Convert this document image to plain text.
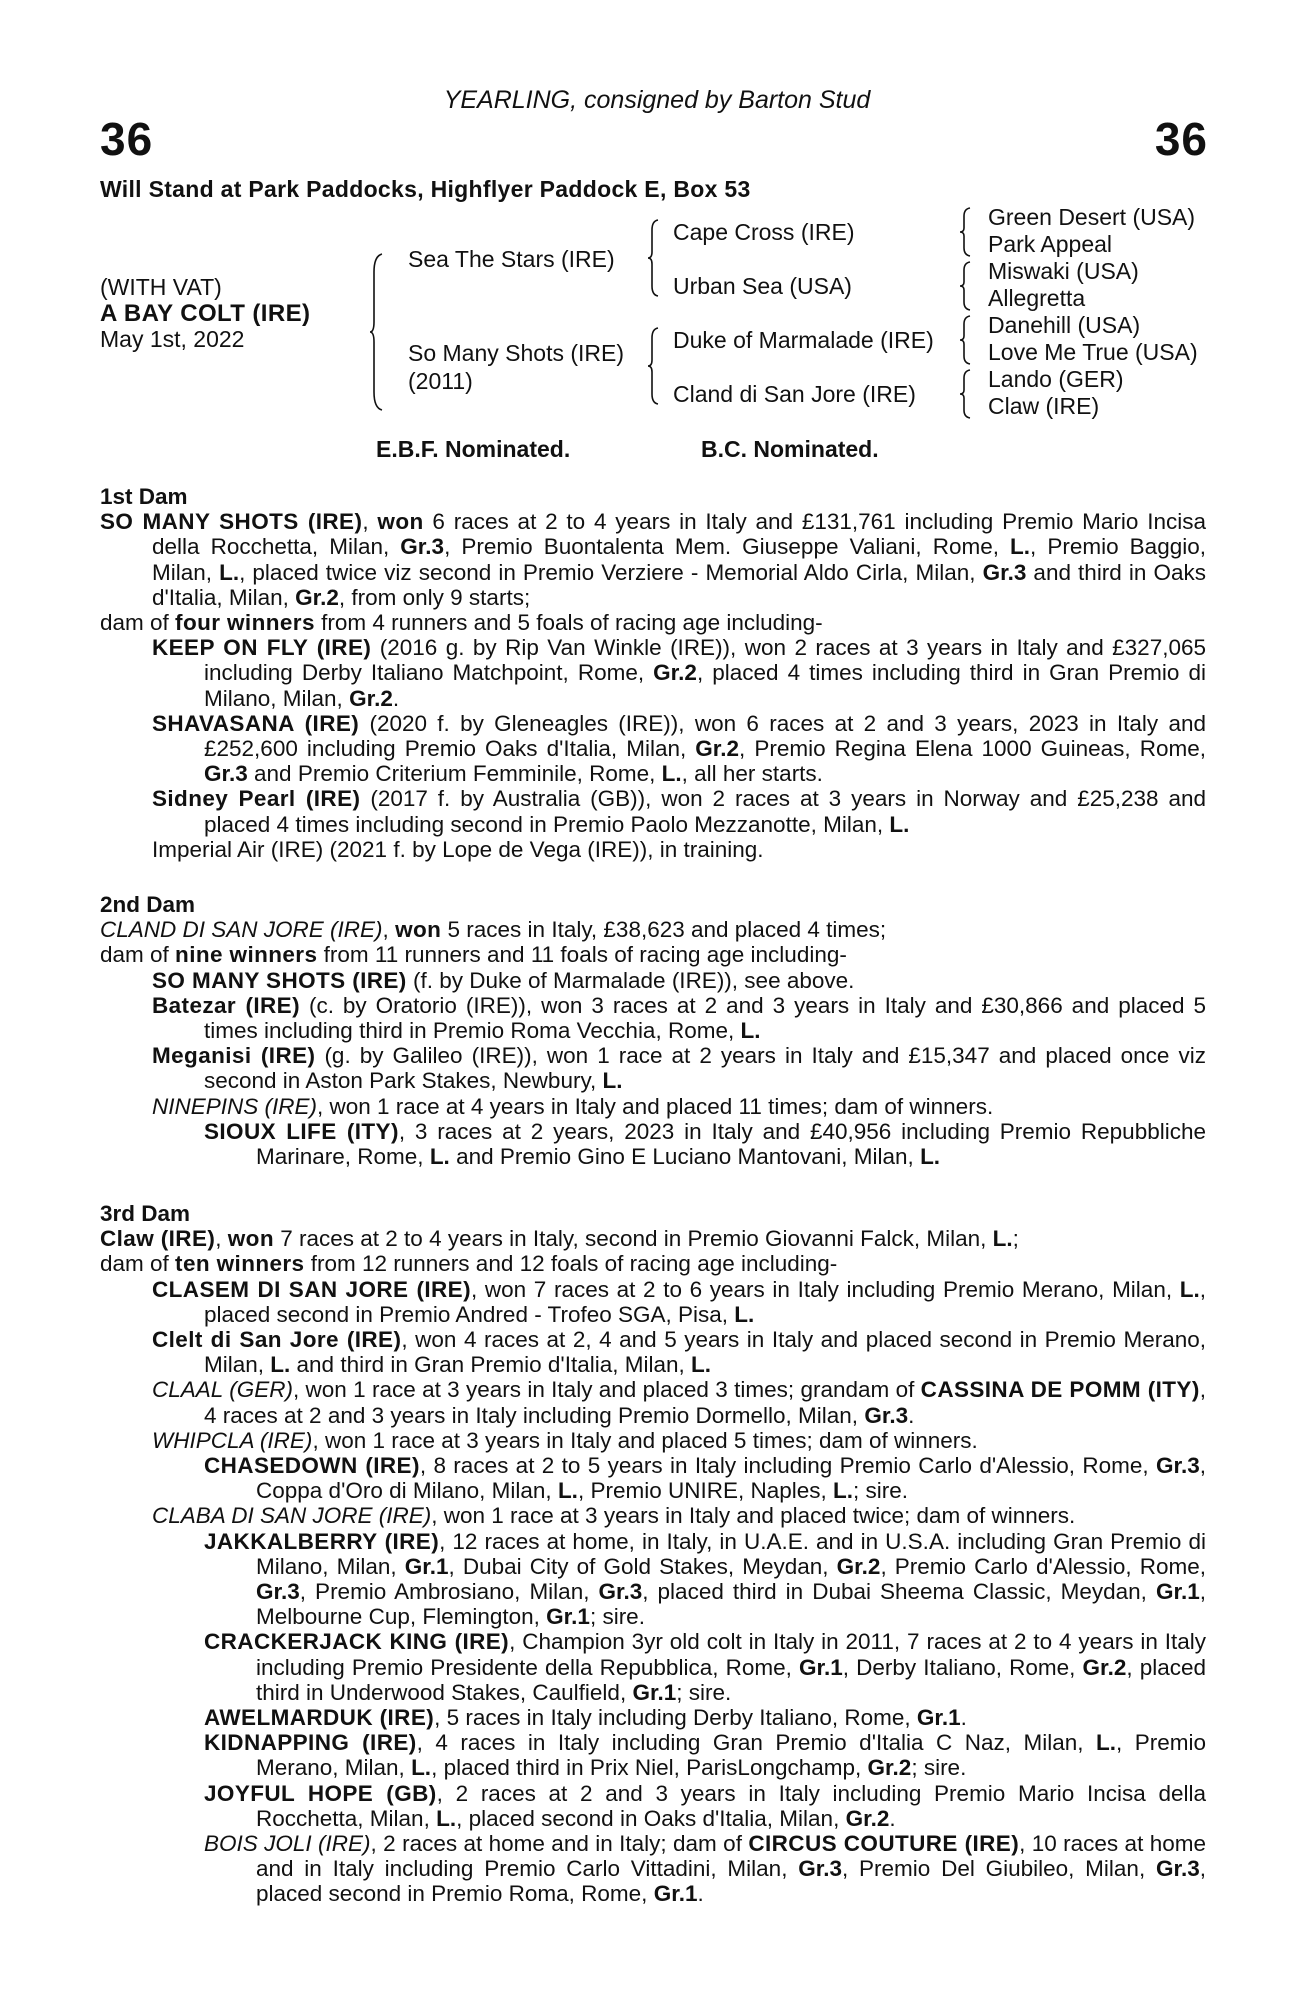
YEARLING, consigned by Barton Stud
36	36
Will Stand at Park Paddocks, Highflyer Paddock E, Box 53
(WITH VAT)
A BAY COLT (IRE)
May 1st, 2022
Sea The Stars (IRE)
So Many Shots (IRE)
(2011)
Cape Cross (IRE)
Urban Sea (USA)
Duke of Marmalade (IRE)
Cland di San Jore (IRE)
Green Desert (USA)
Park Appeal
Miswaki (USA)
Allegretta
Danehill (USA)
Love Me True (USA)
Lando (GER)
Claw (IRE)
E.B.F. Nominated.	B.C. Nominated.

1st Dam

SO MANY SHOTS (IRE), won 6 races at 2 to 4 years in Italy and £131,761 including Premio Mario Incisa della Rocchetta, Milan, Gr.3, Premio Buontalenta Mem. Giuseppe Valiani, Rome, L., Premio Baggio, Milan, L., placed twice viz second in Premio Verziere - Memorial Aldo Cirla, Milan, Gr.3 and third in Oaks d'Italia, Milan, Gr.2, from only 9 starts;

dam of four winners from 4 runners and 5 foals of racing age including-

KEEP ON FLY (IRE) (2016 g. by Rip Van Winkle (IRE)), won 2 races at 3 years in Italy and £327,065 including Derby Italiano Matchpoint, Rome, Gr.2, placed 4 times including third in Gran Premio di Milano, Milan, Gr.2.

SHAVASANA (IRE) (2020 f. by Gleneagles (IRE)), won 6 races at 2 and 3 years, 2023 in Italy and £252,600 including Premio Oaks d'Italia, Milan, Gr.2, Premio Regina Elena 1000 Guineas, Rome, Gr.3 and Premio Criterium Femminile, Rome, L., all her starts.

Sidney Pearl (IRE) (2017 f. by Australia (GB)), won 2 races at 3 years in Norway and £25,238 and placed 4 times including second in Premio Paolo Mezzanotte, Milan, L.

Imperial Air (IRE) (2021 f. by Lope de Vega (IRE)), in training.

2nd Dam

CLAND DI SAN JORE (IRE), won 5 races in Italy, £38,623 and placed 4 times;

dam of nine winners from 11 runners and 11 foals of racing age including-

SO MANY SHOTS (IRE) (f. by Duke of Marmalade (IRE)), see above.

Batezar (IRE) (c. by Oratorio (IRE)), won 3 races at 2 and 3 years in Italy and £30,866 and placed 5 times including third in Premio Roma Vecchia, Rome, L.

Meganisi (IRE) (g. by Galileo (IRE)), won 1 race at 2 years in Italy and £15,347 and placed once viz second in Aston Park Stakes, Newbury, L.

NINEPINS (IRE), won 1 race at 4 years in Italy and placed 11 times; dam of winners.

SIOUX LIFE (ITY), 3 races at 2 years, 2023 in Italy and £40,956 including Premio Repubbliche Marinare, Rome, L. and Premio Gino E Luciano Mantovani, Milan, L.

3rd Dam

Claw (IRE), won 7 races at 2 to 4 years in Italy, second in Premio Giovanni Falck, Milan, L.;

dam of ten winners from 12 runners and 12 foals of racing age including-

CLASEM DI SAN JORE (IRE), won 7 races at 2 to 6 years in Italy including Premio Merano, Milan, L., placed second in Premio Andred - Trofeo SGA, Pisa, L.

Clelt di San Jore (IRE), won 4 races at 2, 4 and 5 years in Italy and placed second in Premio Merano, Milan, L. and third in Gran Premio d'Italia, Milan, L.

CLAAL (GER), won 1 race at 3 years in Italy and placed 3 times; grandam of CASSINA DE POMM (ITY), 4 races at 2 and 3 years in Italy including Premio Dormello, Milan, Gr.3.

WHIPCLA (IRE), won 1 race at 3 years in Italy and placed 5 times; dam of winners.

CHASEDOWN (IRE), 8 races at 2 to 5 years in Italy including Premio Carlo d'Alessio, Rome, Gr.3, Coppa d'Oro di Milano, Milan, L., Premio UNIRE, Naples, L.; sire.

CLABA DI SAN JORE (IRE), won 1 race at 3 years in Italy and placed twice; dam of winners.

JAKKALBERRY (IRE), 12 races at home, in Italy, in U.A.E. and in U.S.A. including Gran Premio di Milano, Milan, Gr.1, Dubai City of Gold Stakes, Meydan, Gr.2, Premio Carlo d'Alessio, Rome, Gr.3, Premio Ambrosiano, Milan, Gr.3, placed third in Dubai Sheema Classic, Meydan, Gr.1, Melbourne Cup, Flemington, Gr.1; sire.

CRACKERJACK KING (IRE), Champion 3yr old colt in Italy in 2011, 7 races at 2 to 4 years in Italy including Premio Presidente della Repubblica, Rome, Gr.1, Derby Italiano, Rome, Gr.2, placed third in Underwood Stakes, Caulfield, Gr.1; sire.

AWELMARDUK (IRE), 5 races in Italy including Derby Italiano, Rome, Gr.1.

KIDNAPPING (IRE), 4 races in Italy including Gran Premio d'Italia C Naz, Milan, L., Premio Merano, Milan, L., placed third in Prix Niel, ParisLongchamp, Gr.2; sire.

JOYFUL HOPE (GB), 2 races at 2 and 3 years in Italy including Premio Mario Incisa della Rocchetta, Milan, L., placed second in Oaks d'Italia, Milan, Gr.2.

BOIS JOLI (IRE), 2 races at home and in Italy; dam of CIRCUS COUTURE (IRE), 10 races at home and in Italy including Premio Carlo Vittadini, Milan, Gr.3, Premio Del Giubileo, Milan, Gr.3, placed second in Premio Roma, Rome, Gr.1.
